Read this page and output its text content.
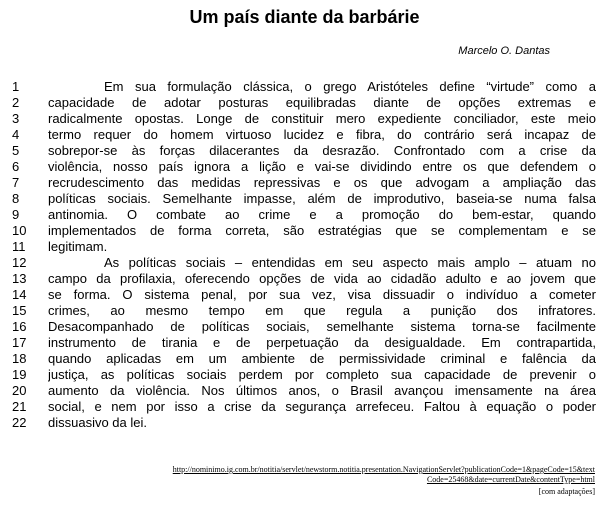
Um país diante da barbárie
Marcelo O. Dantas
1	Em sua formulação clássica, o grego Aristóteles define “virtude” como a
2	capacidade de adotar posturas equilibradas diante de opções extremas e
3	radicalmente opostas. Longe de constituir mero expediente conciliador, este meio
4	termo requer do homem virtuoso lucidez e fibra, do contrário será incapaz de
5	sobrepor-se às forças dilacerantes da desrazão. Confrontado com a crise da
6	violência, nosso país ignora a lição e vai-se dividindo entre os que defendem o
7	recrudescimento das medidas repressivas e os que advogam a ampliação das
8	políticas sociais. Semelhante impasse, além de improdutivo, baseia-se numa falsa
9	antinomia. O combate ao crime e a promoção do bem-estar, quando
10	implementados de forma correta, são estratégias que se complementam e se
11	legitimam.
12	As políticas sociais – entendidas em seu aspecto mais amplo – atuam no
13	campo da profilaxia, oferecendo opções de vida ao cidadão adulto e ao jovem que
14	se forma. O sistema penal, por sua vez, visa dissuadir o indivíduo a cometer
15	crimes, ao mesmo tempo em que regula a punição dos infratores.
16	Desacompanhado de políticas sociais, semelhante sistema torna-se facilmente
17	instrumento de tirania e de perpetuação da desigualdade. Em contrapartida,
18	quando aplicadas em um ambiente de permissividade criminal e falência da
19	justiça, as políticas sociais perdem por completo sua capacidade de prevenir o
20	aumento da violência. Nos últimos anos, o Brasil avançou imensamente na área
21	social, e nem por isso a crise da segurança arrefeceu. Faltou à equação o poder
22	dissuasivo da lei.
http://nominimo.ig.com.br/notitia/servlet/newstorm.notitia.presentation.NavigationServlet?publicationCode=1&pageCode=15&text
Code=25468&date=currentDate&contentType=html
[com adaptações]
